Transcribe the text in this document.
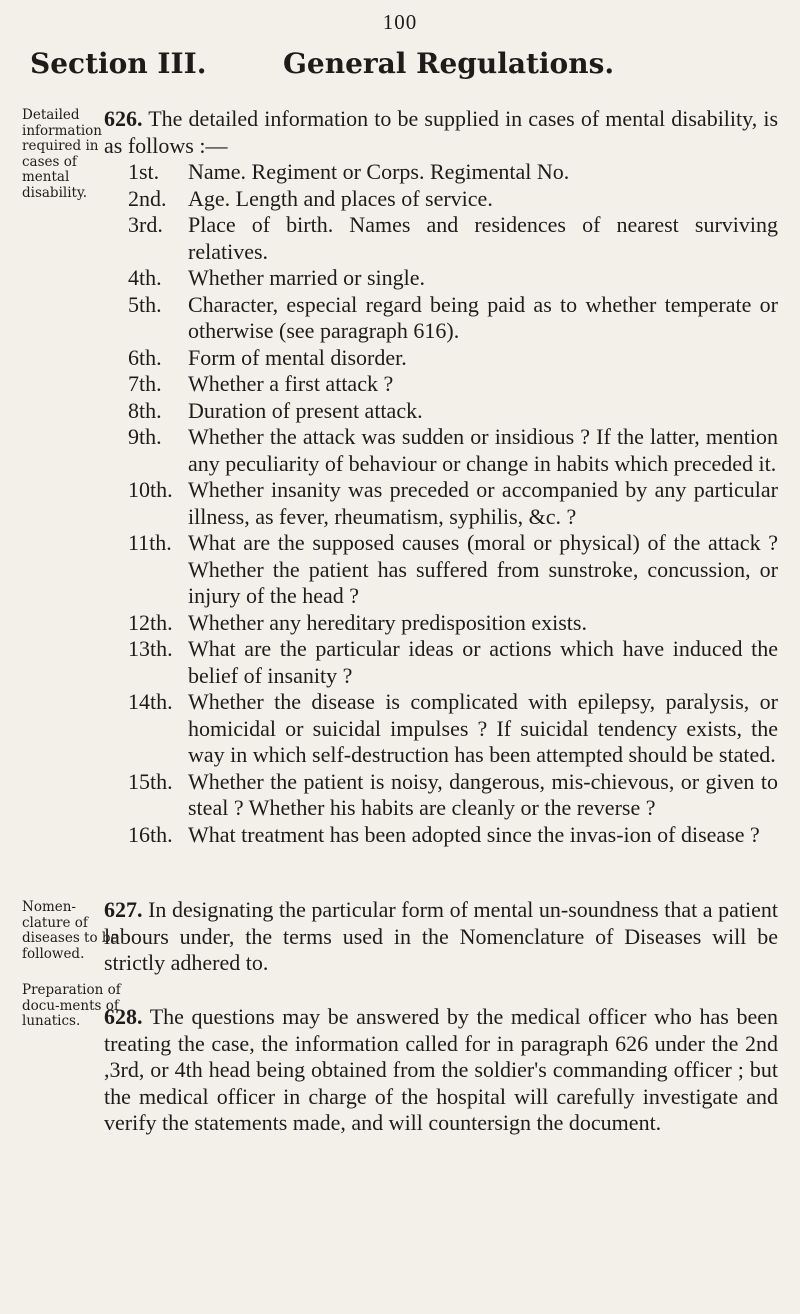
100
Section III.	General Regulations.
Detailed information required in cases of mental disability.
Nomen-clature of diseases to be followed.
Preparation of docu-ments of lunatics.
626. The detailed information to be supplied in cases of mental disability, is as follows :—
1st.	Name. Regiment or Corps. Regimental No.
2nd. Age. Length and places of service.
3rd.	Place of birth. Names and residences of nearest surviving relatives.
4th.	Whether married or single.
5th.	Character, especial regard being paid as to whether temperate or otherwise (see paragraph 616).
6th.	Form of mental disorder.
7th.	Whether a first attack ?
8th.	Duration of present attack.
9th.	Whether the attack was sudden or insidious ? If the latter, mention any peculiarity of behaviour or change in habits which preceded it.
10th. Whether insanity was preceded or accompanied by any particular illness, as fever, rheumatism, syphilis, &c. ?
11th. What are the supposed causes (moral or physical) of the attack ? Whether the patient has suffered from sunstroke, concussion, or injury of the head ?
12th. Whether any hereditary predisposition exists.
13th. What are the particular ideas or actions which have induced the belief of insanity ?
14th. Whether the disease is complicated with epilepsy, paralysis, or homicidal or suicidal impulses ? If suicidal tendency exists, the way in which self-destruction has been attempted should be stated.
15th. Whether the patient is noisy, dangerous, mis-chievous, or given to steal ? Whether his habits are cleanly or the reverse ?
16th. What treatment has been adopted since the invas-ion of disease ?
627. In designating the particular form of mental un-soundness that a patient labours under, the terms used in the Nomenclature of Diseases will be strictly adhered to.
628. The questions may be answered by the medical officer who has been treating the case, the information called for in paragraph 626 under the 2nd ,3rd, or 4th head being obtained from the soldier's commanding officer ; but the medical officer in charge of the hospital will carefully investigate and verify the statements made, and will countersign the document.
